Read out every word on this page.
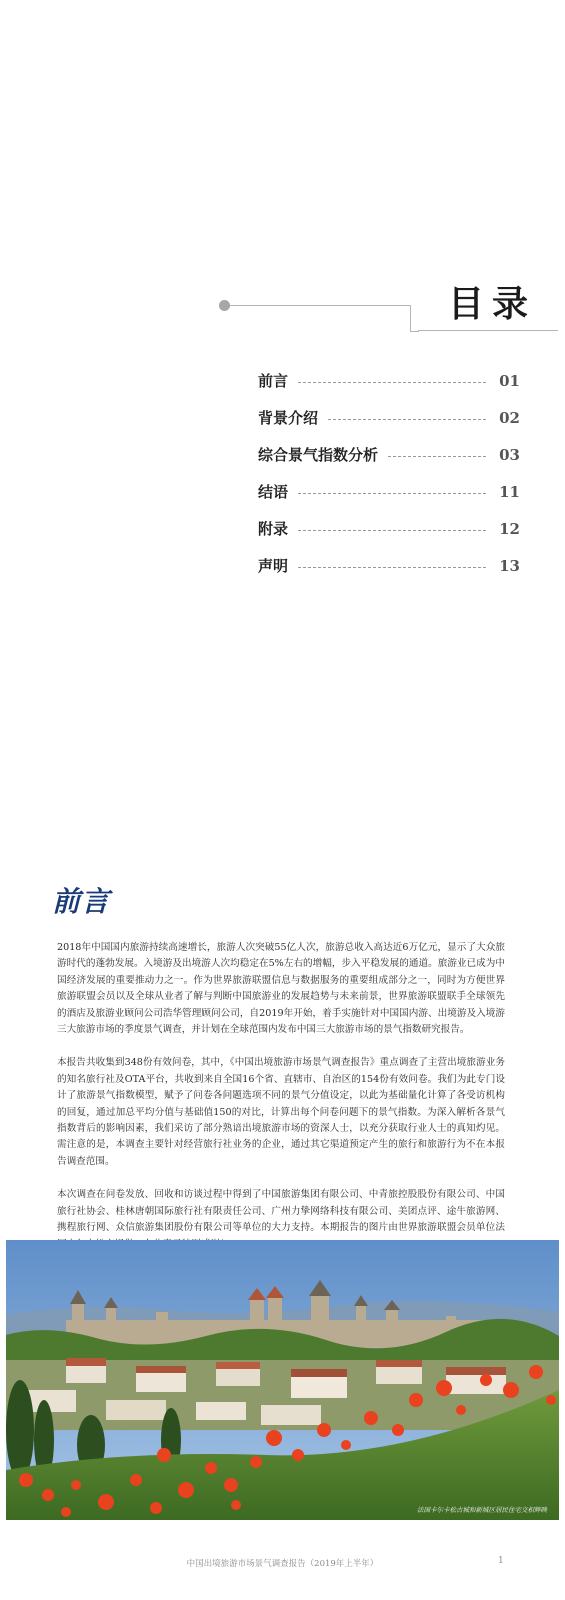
目录
前言	01
背景介绍	02
综合景气指数分析	03
结语	11
附录	12
声明	13
前言

2018年中国国内旅游持续高速增长，旅游人次突破55亿人次，旅游总收入高达近6万亿元，显示了大众旅游时代的蓬勃发展。入境游及出境游人次均稳定在5%左右的增幅，步入平稳发展的通道。旅游业已成为中国经济发展的重要推动力之一。作为世界旅游联盟信息与数据服务的重要组成部分之一，同时为方便世界旅游联盟会员以及全球从业者了解与判断中国旅游业的发展趋势与未来前景，世界旅游联盟联手全球领先的酒店及旅游业顾问公司浩华管理顾问公司，自2019年开始，着手实施针对中国国内游、出境游及入境游三大旅游市场的季度景气调查，并计划在全球范围内发布中国三大旅游市场的景气指数研究报告。

本报告共收集到348份有效问卷，其中，《中国出境旅游市场景气调查报告》重点调查了主营出境旅游业务的知名旅行社及OTA平台，共收到来自全国16个省、直辖市、自治区的154份有效问卷。我们为此专门设计了旅游景气指数模型，赋予了问卷各问题选项不同的景气分值设定，以此为基础量化计算了各受访机构的回复，通过加总平均分值与基础值150的对比，计算出每个问卷问题下的景气指数。为深入解析各景气指数背后的影响因素，我们采访了部分熟谙出境旅游市场的资深人士，以充分获取行业人士的真知灼见。需注意的是，本调查主要针对经营旅行社业务的企业，通过其它渠道预定产生的旅行和旅游行为不在本报告调查范围。

本次调查在问卷发放、回收和访谈过程中得到了中国旅游集团有限公司、中青旅控股股份有限公司、中国旅行社协会、桂林唐朝国际旅行社有限责任公司、广州力挚网络科技有限公司、美团点评、途牛旅游网、携程旅行网、众信旅游集团股份有限公司等单位的大力支持。本期报告的图片由世界旅游联盟会员单位法

法国卡尔卡松古城和新城区居民住宅交相辉映
中国出境旅游市场景气调查报告（2019年上半年）	1
